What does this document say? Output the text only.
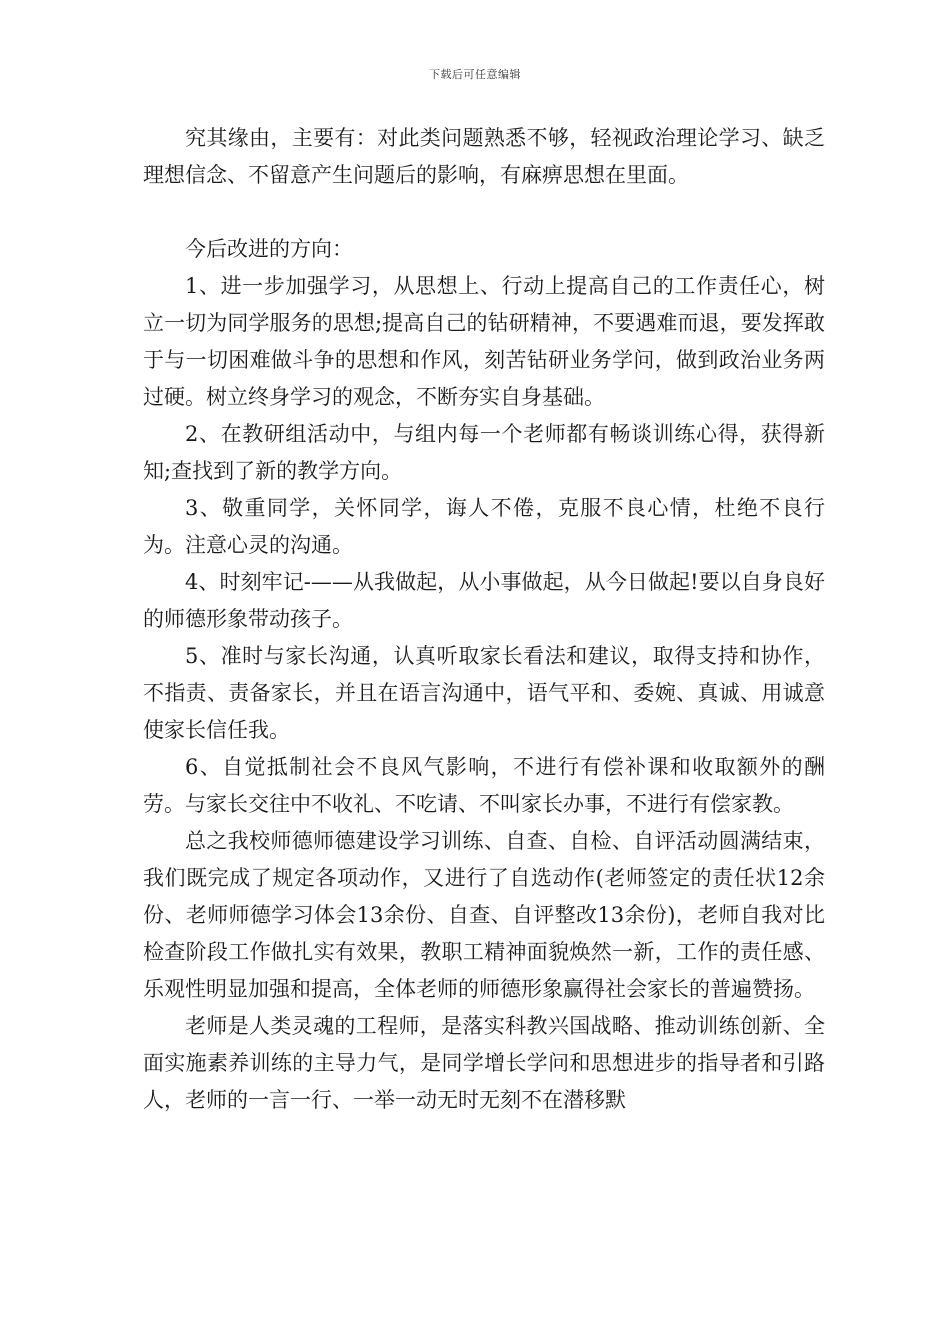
下载后可任意编辑

究其缘由，主要有：对此类问题熟悉不够，轻视政治理论学习、缺乏理想信念、不留意产生问题后的影响，有麻痹思想在里面。

今后改进的方向：

1、进一步加强学习，从思想上、行动上提高自己的工作责任心，树立一切为同学服务的思想;提高自己的钻研精神，不要遇难而退，要发挥敢于与一切困难做斗争的思想和作风，刻苦钻研业务学问，做到政治业务两过硬。树立终身学习的观念，不断夯实自身基础。

2、在教研组活动中，与组内每一个老师都有畅谈训练心得，获得新知;查找到了新的教学方向。

3、敬重同学，关怀同学，诲人不倦，克服不良心情，杜绝不良行为。注意心灵的沟通。

4、时刻牢记-——从我做起，从小事做起，从今日做起!要以自身良好的师德形象带动孩子。

5、准时与家长沟通，认真听取家长看法和建议，取得支持和协作，不指责、责备家长，并且在语言沟通中，语气平和、委婉、真诚、用诚意使家长信任我。

6、自觉抵制社会不良风气影响，不进行有偿补课和收取额外的酬劳。与家长交往中不收礼、不吃请、不叫家长办事，不进行有偿家教。

总之我校师德师德建设学习训练、自查、自检、自评活动圆满结束，我们既完成了规定各项动作，又进行了自选动作(老师签定的责任状12余份、老师师德学习体会13余份、自查、自评整改13余份)，老师自我对比检查阶段工作做扎实有效果，教职工精神面貌焕然一新，工作的责任感、乐观性明显加强和提高，全体老师的师德形象赢得社会家长的普遍赞扬。

老师是人类灵魂的工程师，是落实科教兴国战略、推动训练创新、全面实施素养训练的主导力气，是同学增长学问和思想进步的指导者和引路人，老师的一言一行、一举一动无时无刻不在潜移默
